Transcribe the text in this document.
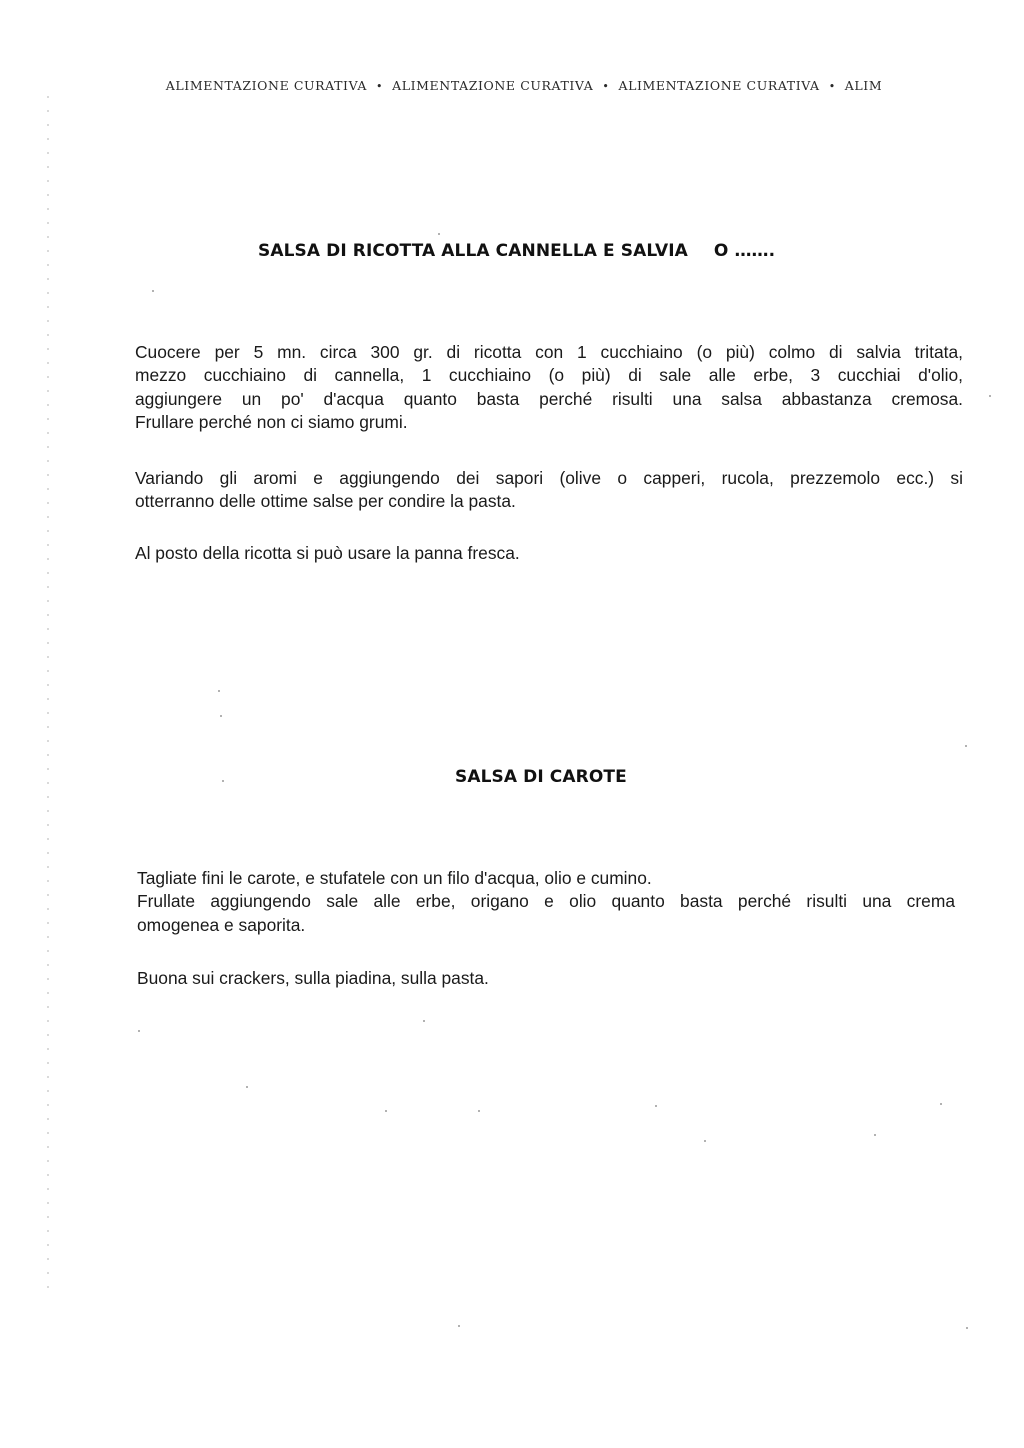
ALIMENTAZIONE CURATIVA • ALIMENTAZIONE CURATIVA • ALIMENTAZIONE CURATIVA • ALIM
SALSA DI RICOTTA ALLA CANNELLA E SALVIA O …….
Cuocere per 5 mn. circa 300 gr. di ricotta con 1 cucchiaino (o più) colmo di salvia tritata,
mezzo cucchiaino di cannella, 1 cucchiaino (o più) di sale alle erbe, 3 cucchiai d'olio,
aggiungere un po' d'acqua quanto basta perché risulti una salsa abbastanza cremosa.
Frullare perché non ci siamo grumi.
Variando gli aromi e aggiungendo dei sapori (olive o capperi, rucola, prezzemolo ecc.) si
otterranno delle ottime salse per condire la pasta.
Al posto della ricotta si può usare la panna fresca.
SALSA DI CAROTE
Tagliate fini le carote, e stufatele con un filo d'acqua, olio e cumino.
Frullate aggiungendo sale alle erbe, origano e olio quanto basta perché risulti una crema
omogenea e saporita.
Buona sui crackers, sulla piadina, sulla pasta.
